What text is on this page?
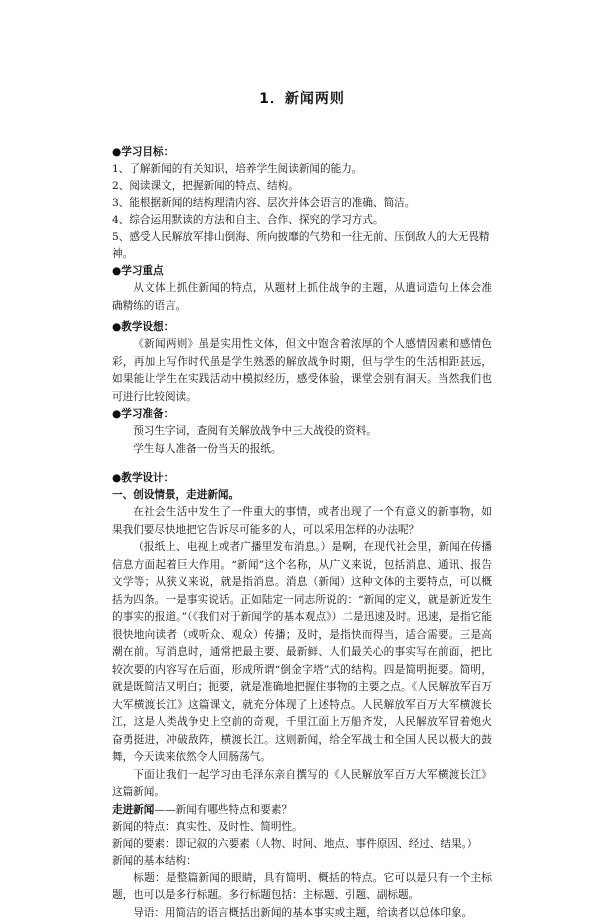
1．新闻两则
●学习目标：
1、了解新闻的有关知识，培养学生阅读新闻的能力。
2、阅读课文，把握新闻的特点、结构。
3、能根据新闻的结构理清内容、层次并体会语言的准确、简洁。
4、综合运用默读的方法和自主、合作、探究的学习方式。
5、感受人民解放军排山倒海、所向披靡的气势和一往无前、压倒敌人的大无畏精神。
●学习重点
从文体上抓住新闻的特点，从题材上抓住战争的主题，从遣词造句上体会准确精练的语言。
●教学设想：
《新闻两则》虽是实用性文体，但文中饱含着浓厚的个人感情因素和感情色彩，再加上写作时代虽是学生熟悉的解放战争时期，但与学生的生活相距甚远，如果能让学生在实践活动中模拟经历，感受体验，课堂会别有洞天。当然我们也可进行比较阅读。
●学习准备：
预习生字词，查阅有关解放战争中三大战役的资料。
学生每人准备一份当天的报纸。
●教学设计：
一、创设情景，走进新闻。
在社会生活中发生了一件重大的事情，或者出现了一个有意义的新事物，如果我们要尽快地把它告诉尽可能多的人，可以采用怎样的办法呢？
（报纸上、电视上或者广播里发布消息。）是啊，在现代社会里，新闻在传播信息方面起着巨大作用。“新闻”这个名称，从广义来说，包括消息、通讯、报告文学等；从狭义来说，就是指消息。消息（新闻）这种文体的主要特点，可以概括为四条。一是事实说话。正如陆定一同志所说的：“新闻的定义，就是新近发生的事实的报道。”（《我们对于新闻学的基本观点》）二是迅速及时。迅速，是指它能很快地向读者（或听众、观众）传播；及时，是指快而得当，适合需要。三是高潮在前。写消息时，通常把最主要、最新鲜、人们最关心的事实写在前面，把比较次要的内容写在后面，形成所谓“倒金字塔”式的结构。四是简明扼要。简明，就是既简洁又明白；扼要，就是准确地把握住事物的主要之点。《人民解放军百万大军横渡长江》这篇课文，就充分体现了上述特点。人民解放军百万大军横渡长江，这是人类战争史上空前的奇观，千里江面上万船齐发，人民解放军冒着炮火奋勇挺进，冲破敌阵，横渡长江。这则新闻，给全军战士和全国人民以极大的鼓舞，今天读来依然令人回肠荡气。
下面让我们一起学习由毛泽东亲自撰写的《人民解放军百万大军横渡长江》这篇新闻。
走进新闻——新闻有哪些特点和要素？
新闻的特点：真实性、及时性、简明性。
新闻的要素：即记叙的六要素（人物、时间、地点、事件原因、经过、结果。）
新闻的基本结构：
标题：是整篇新闻的眼睛，具有简明、概括的特点。它可以是只有一个主标题，也可以是多行标题。多行标题包括：主标题、引题、副标题。
导语：用简洁的语言概括出新闻的基本事实或主题，给读者以总体印象。
